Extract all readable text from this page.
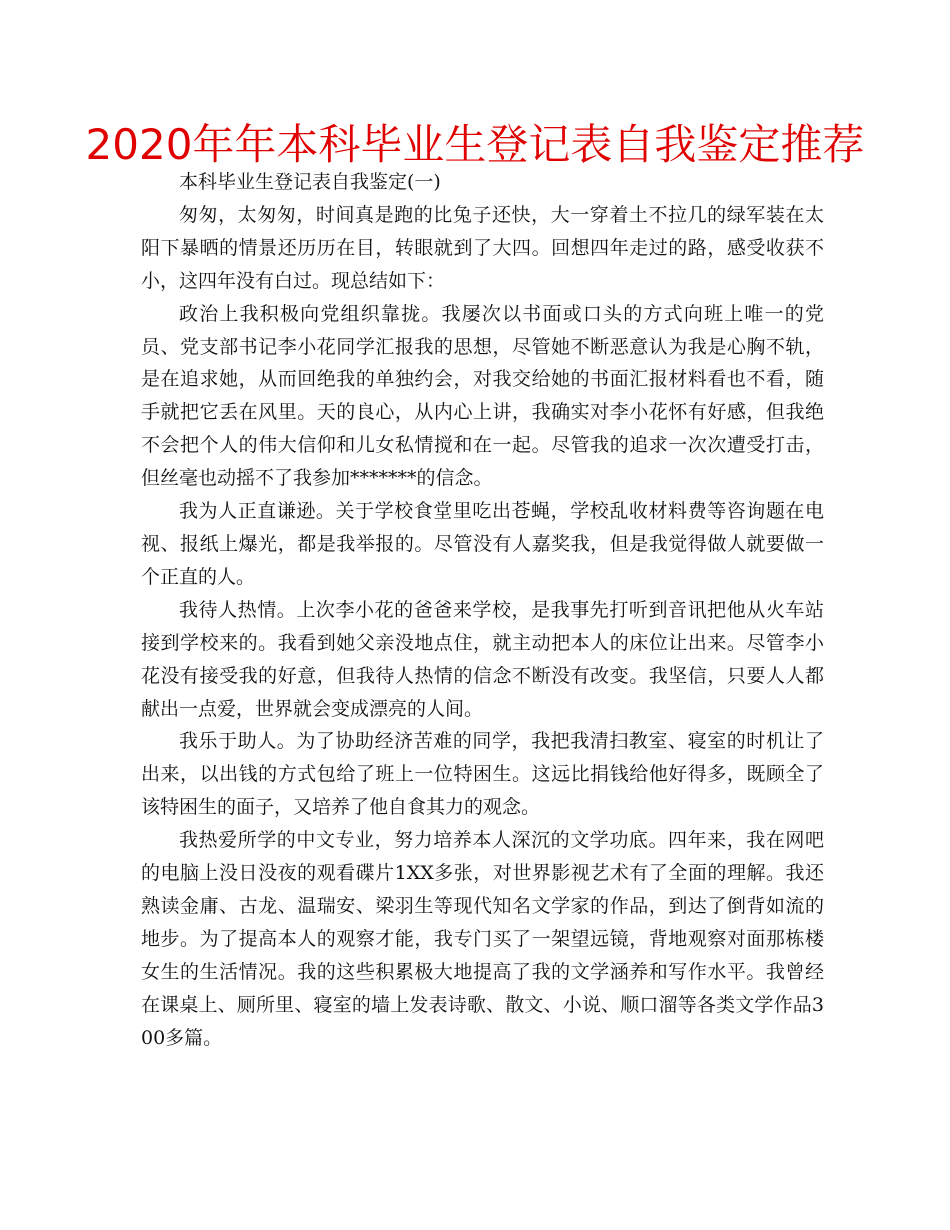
2020年年本科毕业生登记表自我鉴定推荐

本科毕业生登记表自我鉴定(一)

匆匆，太匆匆，时间真是跑的比兔子还快，大一穿着土不拉几的绿军装在太阳下暴晒的情景还历历在目，转眼就到了大四。回想四年走过的路，感受收获不小，这四年没有白过。现总结如下：

政治上我积极向党组织靠拢。我屡次以书面或口头的方式向班上唯一的党员、党支部书记李小花同学汇报我的思想，尽管她不断恶意认为我是心胸不轨，是在追求她，从而回绝我的单独约会，对我交给她的书面汇报材料看也不看，随手就把它丢在风里。天的良心，从内心上讲，我确实对李小花怀有好感，但我绝不会把个人的伟大信仰和儿女私情搅和在一起。尽管我的追求一次次遭受打击，但丝毫也动摇不了我参加*******的信念。

我为人正直谦逊。关于学校食堂里吃出苍蝇，学校乱收材料费等咨询题在电视、报纸上爆光，都是我举报的。尽管没有人嘉奖我，但是我觉得做人就要做一个正直的人。

我待人热情。上次李小花的爸爸来学校，是我事先打听到音讯把他从火车站接到学校来的。我看到她父亲没地点住，就主动把本人的床位让出来。尽管李小花没有接受我的好意，但我待人热情的信念不断没有改变。我坚信，只要人人都献出一点爱，世界就会变成漂亮的人间。

我乐于助人。为了协助经济苦难的同学，我把我清扫教室、寝室的时机让了出来，以出钱的方式包给了班上一位特困生。这远比捐钱给他好得多，既顾全了该特困生的面子，又培养了他自食其力的观念。

我热爱所学的中文专业，努力培养本人深沉的文学功底。四年来，我在网吧的电脑上没日没夜的观看碟片1XX多张，对世界影视艺术有了全面的理解。我还熟读金庸、古龙、温瑞安、梁羽生等现代知名文学家的作品，到达了倒背如流的地步。为了提高本人的观察才能，我专门买了一架望远镜，背地观察对面那栋楼女生的生活情况。我的这些积累极大地提高了我的文学涵养和写作水平。我曾经在课桌上、厕所里、寝室的墙上发表诗歌、散文、小说、顺口溜等各类文学作品300多篇。
